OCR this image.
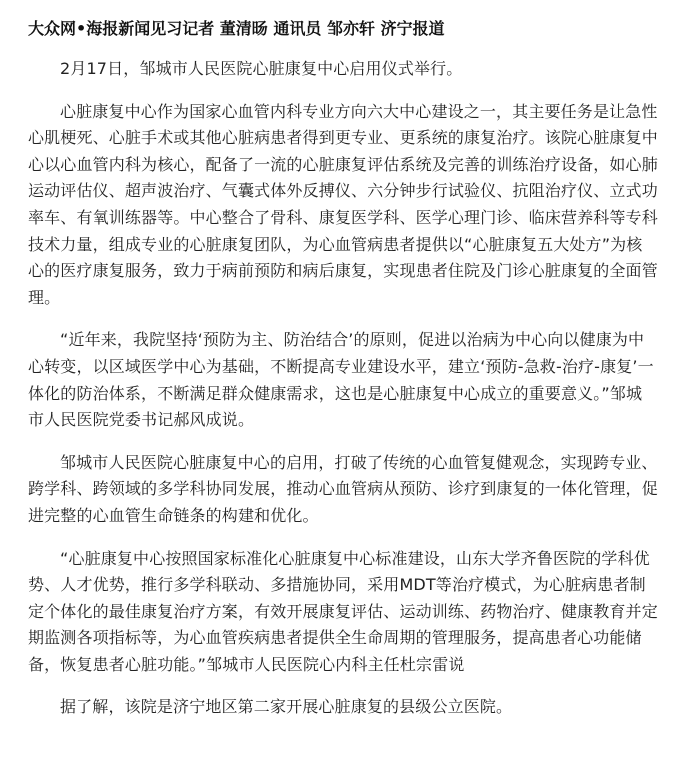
大众网•海报新闻见习记者 董清旸 通讯员 邹亦轩 济宁报道

2月17日，邹城市人民医院心脏康复中心启用仪式举行。

心脏康复中心作为国家心血管内科专业方向六大中心建设之一，其主要任务是让急性心肌梗死、心脏手术或其他心脏病患者得到更专业、更系统的康复治疗。该院心脏康复中心以心血管内科为核心，配备了一流的心脏康复评估系统及完善的训练治疗设备，如心肺运动评估仪、超声波治疗、气囊式体外反搏仪、六分钟步行试验仪、抗阻治疗仪、立式功率车、有氧训练器等。中心整合了骨科、康复医学科、医学心理门诊、临床营养科等专科技术力量，组成专业的心脏康复团队，为心血管病患者提供以“心脏康复五大处方”为核心的医疗康复服务，致力于病前预防和病后康复，实现患者住院及门诊心脏康复的全面管理。

“近年来，我院坚持‘预防为主、防治结合’的原则，促进以治病为中心向以健康为中心转变，以区域医学中心为基础，不断提高专业建设水平，建立‘预防-急救-治疗-康复’一体化的防治体系，不断满足群众健康需求，这也是心脏康复中心成立的重要意义。”邹城市人民医院党委书记郝风成说。

邹城市人民医院心脏康复中心的启用，打破了传统的心血管复健观念，实现跨专业、跨学科、跨领域的多学科协同发展，推动心血管病从预防、诊疗到康复的一体化管理，促进完整的心血管生命链条的构建和优化。

“心脏康复中心按照国家标准化心脏康复中心标准建设，山东大学齐鲁医院的学科优势、人才优势，推行多学科联动、多措施协同，采用MDT等治疗模式，为心脏病患者制定个体化的最佳康复治疗方案，有效开展康复评估、运动训练、药物治疗、健康教育并定期监测各项指标等，为心血管疾病患者提供全生命周期的管理服务，提高患者心功能储备，恢复患者心脏功能。”邹城市人民医院心内科主任杜宗雷说

据了解，该院是济宁地区第二家开展心脏康复的县级公立医院。
